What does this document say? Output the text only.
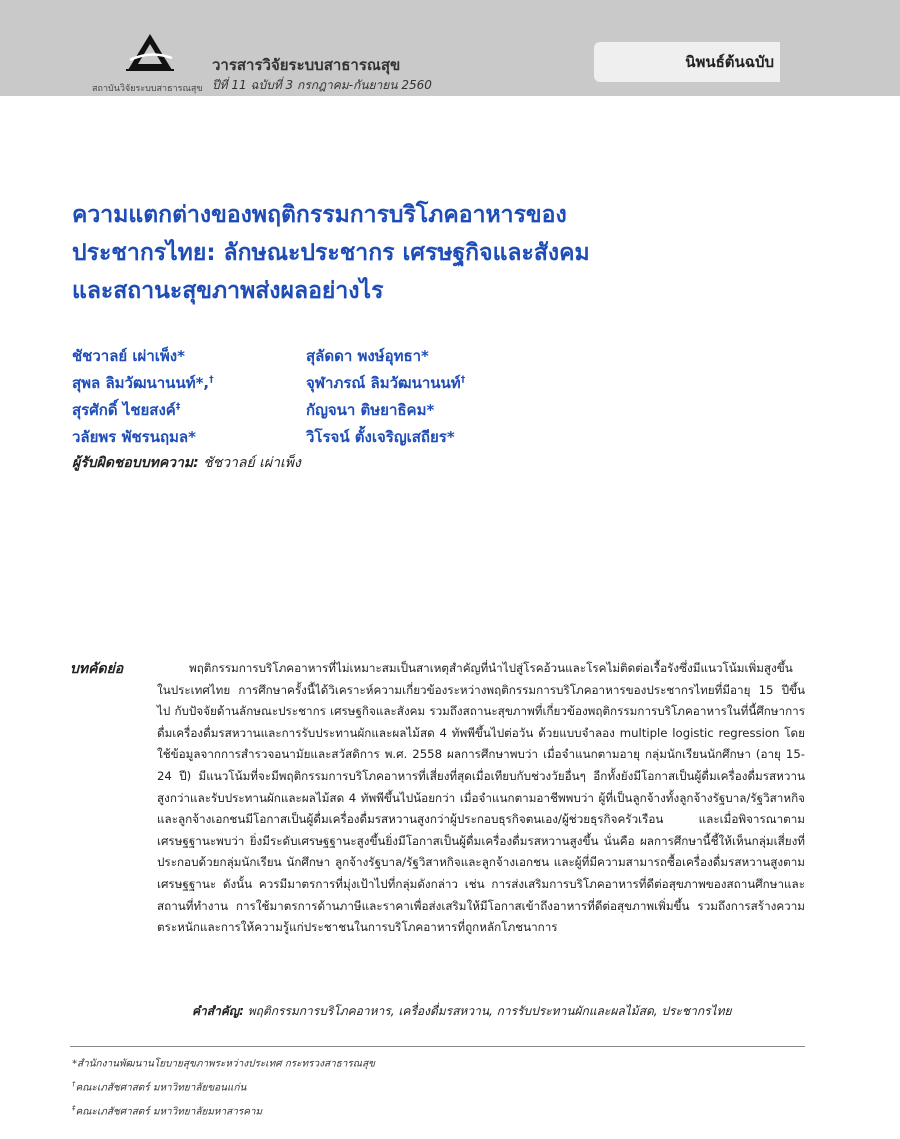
สถาบันวิจัยระบบสาธารณสุข
วารสารวิจัยระบบสาธารณสุข
ปีที่ 11 ฉบับที่ 3 กรกฎาคม-กันยายน 2560
นิพนธ์ต้นฉบับ
ความแตกต่างของพฤติกรรมการบริโภคอาหารของ
ประชากรไทย: ลักษณะประชากร เศรษฐกิจและสังคม
และสถานะสุขภาพส่งผลอย่างไร
ชัชวาลย์ เผ่าเพ็ง*
สุพล ลิมวัฒนานนท์*,†
สุรศักดิ์ ไชยสงค์‡
วลัยพร พัชรนฤมล*
สุลัดดา พงษ์อุทธา*
จุฬาภรณ์ ลิมวัฒนานนท์†
กัญจนา ติษยาธิคม*
วิโรจน์ ตั้งเจริญเสถียร*
ผู้รับผิดชอบบทความ: ชัชวาลย์ เผ่าเพ็ง
บทคัดย่อ	พฤติกรรมการบริโภคอาหารที่ไม่เหมาะสมเป็นสาเหตุสำคัญที่นำไปสู่โรคอ้วนและโรคไม่ติดต่อเรื้อรังซึ่งมีแนวโน้มเพิ่มสูงขึ้นในประเทศไทย การศึกษาครั้งนี้ได้วิเคราะห์ความเกี่ยวข้องระหว่างพฤติกรรมการบริโภคอาหารของประชากรไทยที่มีอายุ 15 ปีขึ้นไป กับปัจจัยด้านลักษณะประชากร เศรษฐกิจและสังคม รวมถึงสถานะสุขภาพที่เกี่ยวข้องพฤติกรรมการบริโภคอาหารในที่นี้ศึกษาการดื่มเครื่องดื่มรสหวานและการรับประทานผักและผลไม้สด 4 ทัพพีขึ้นไปต่อวัน ด้วยแบบจำลอง multiple logistic regression โดยใช้ข้อมูลจากการสำรวจอนามัยและสวัสดิการ พ.ศ. 2558 ผลการศึกษาพบว่า เมื่อจำแนกตามอายุ กลุ่มนักเรียนนักศึกษา (อายุ 15-24 ปี) มีแนวโน้มที่จะมีพฤติกรรมการบริโภคอาหารที่เสี่ยงที่สุดเมื่อเทียบกับช่วงวัยอื่นๆ อีกทั้งยังมีโอกาสเป็นผู้ดื่มเครื่องดื่มรสหวานสูงกว่าและรับประทานผักและผลไม้สด 4 ทัพพีขึ้นไปน้อยกว่า เมื่อจำแนกตามอาชีพพบว่า ผู้ที่เป็นลูกจ้างทั้งลูกจ้างรัฐบาล/รัฐวิสาหกิจและลูกจ้างเอกชนมีโอกาสเป็นผู้ดื่มเครื่องดื่มรสหวานสูงกว่าผู้ประกอบธุรกิจตนเอง/ผู้ช่วยธุรกิจครัวเรือน และเมื่อพิจารณาตามเศรษฐฐานะพบว่า ยิ่งมีระดับเศรษฐฐานะสูงขึ้นยิ่งมีโอกาสเป็นผู้ดื่มเครื่องดื่มรสหวานสูงขึ้น นั่นคือ ผลการศึกษานี้ชี้ให้เห็นกลุ่มเสี่ยงที่ประกอบด้วยกลุ่มนักเรียน นักศึกษา ลูกจ้างรัฐบาล/รัฐวิสาหกิจและลูกจ้างเอกชน และผู้ที่มีความสามารถซื้อเครื่องดื่มรสหวานสูงตามเศรษฐฐานะ ดังนั้น ควรมีมาตรการที่มุ่งเป้าไปที่กลุ่มดังกล่าว เช่น การส่งเสริมการบริโภคอาหารที่ดีต่อสุขภาพของสถานศึกษาและสถานที่ทำงาน การใช้มาตรการด้านภาษีและราคาเพื่อส่งเสริมให้มีโอกาสเข้าถึงอาหารที่ดีต่อสุขภาพเพิ่มขึ้น รวมถึงการสร้างความตระหนักและการให้ความรู้แก่ประชาชนในการบริโภคอาหารที่ถูกหลักโภชนาการ
คำสำคัญ: พฤติกรรมการบริโภคอาหาร, เครื่องดื่มรสหวาน, การรับประทานผักและผลไม้สด, ประชากรไทย
*สำนักงานพัฒนานโยบายสุขภาพระหว่างประเทศ กระทรวงสาธารณสุข
†คณะเภสัชศาสตร์ มหาวิทยาลัยขอนแก่น
‡คณะเภสัชศาสตร์ มหาวิทยาลัยมหาสารคาม
